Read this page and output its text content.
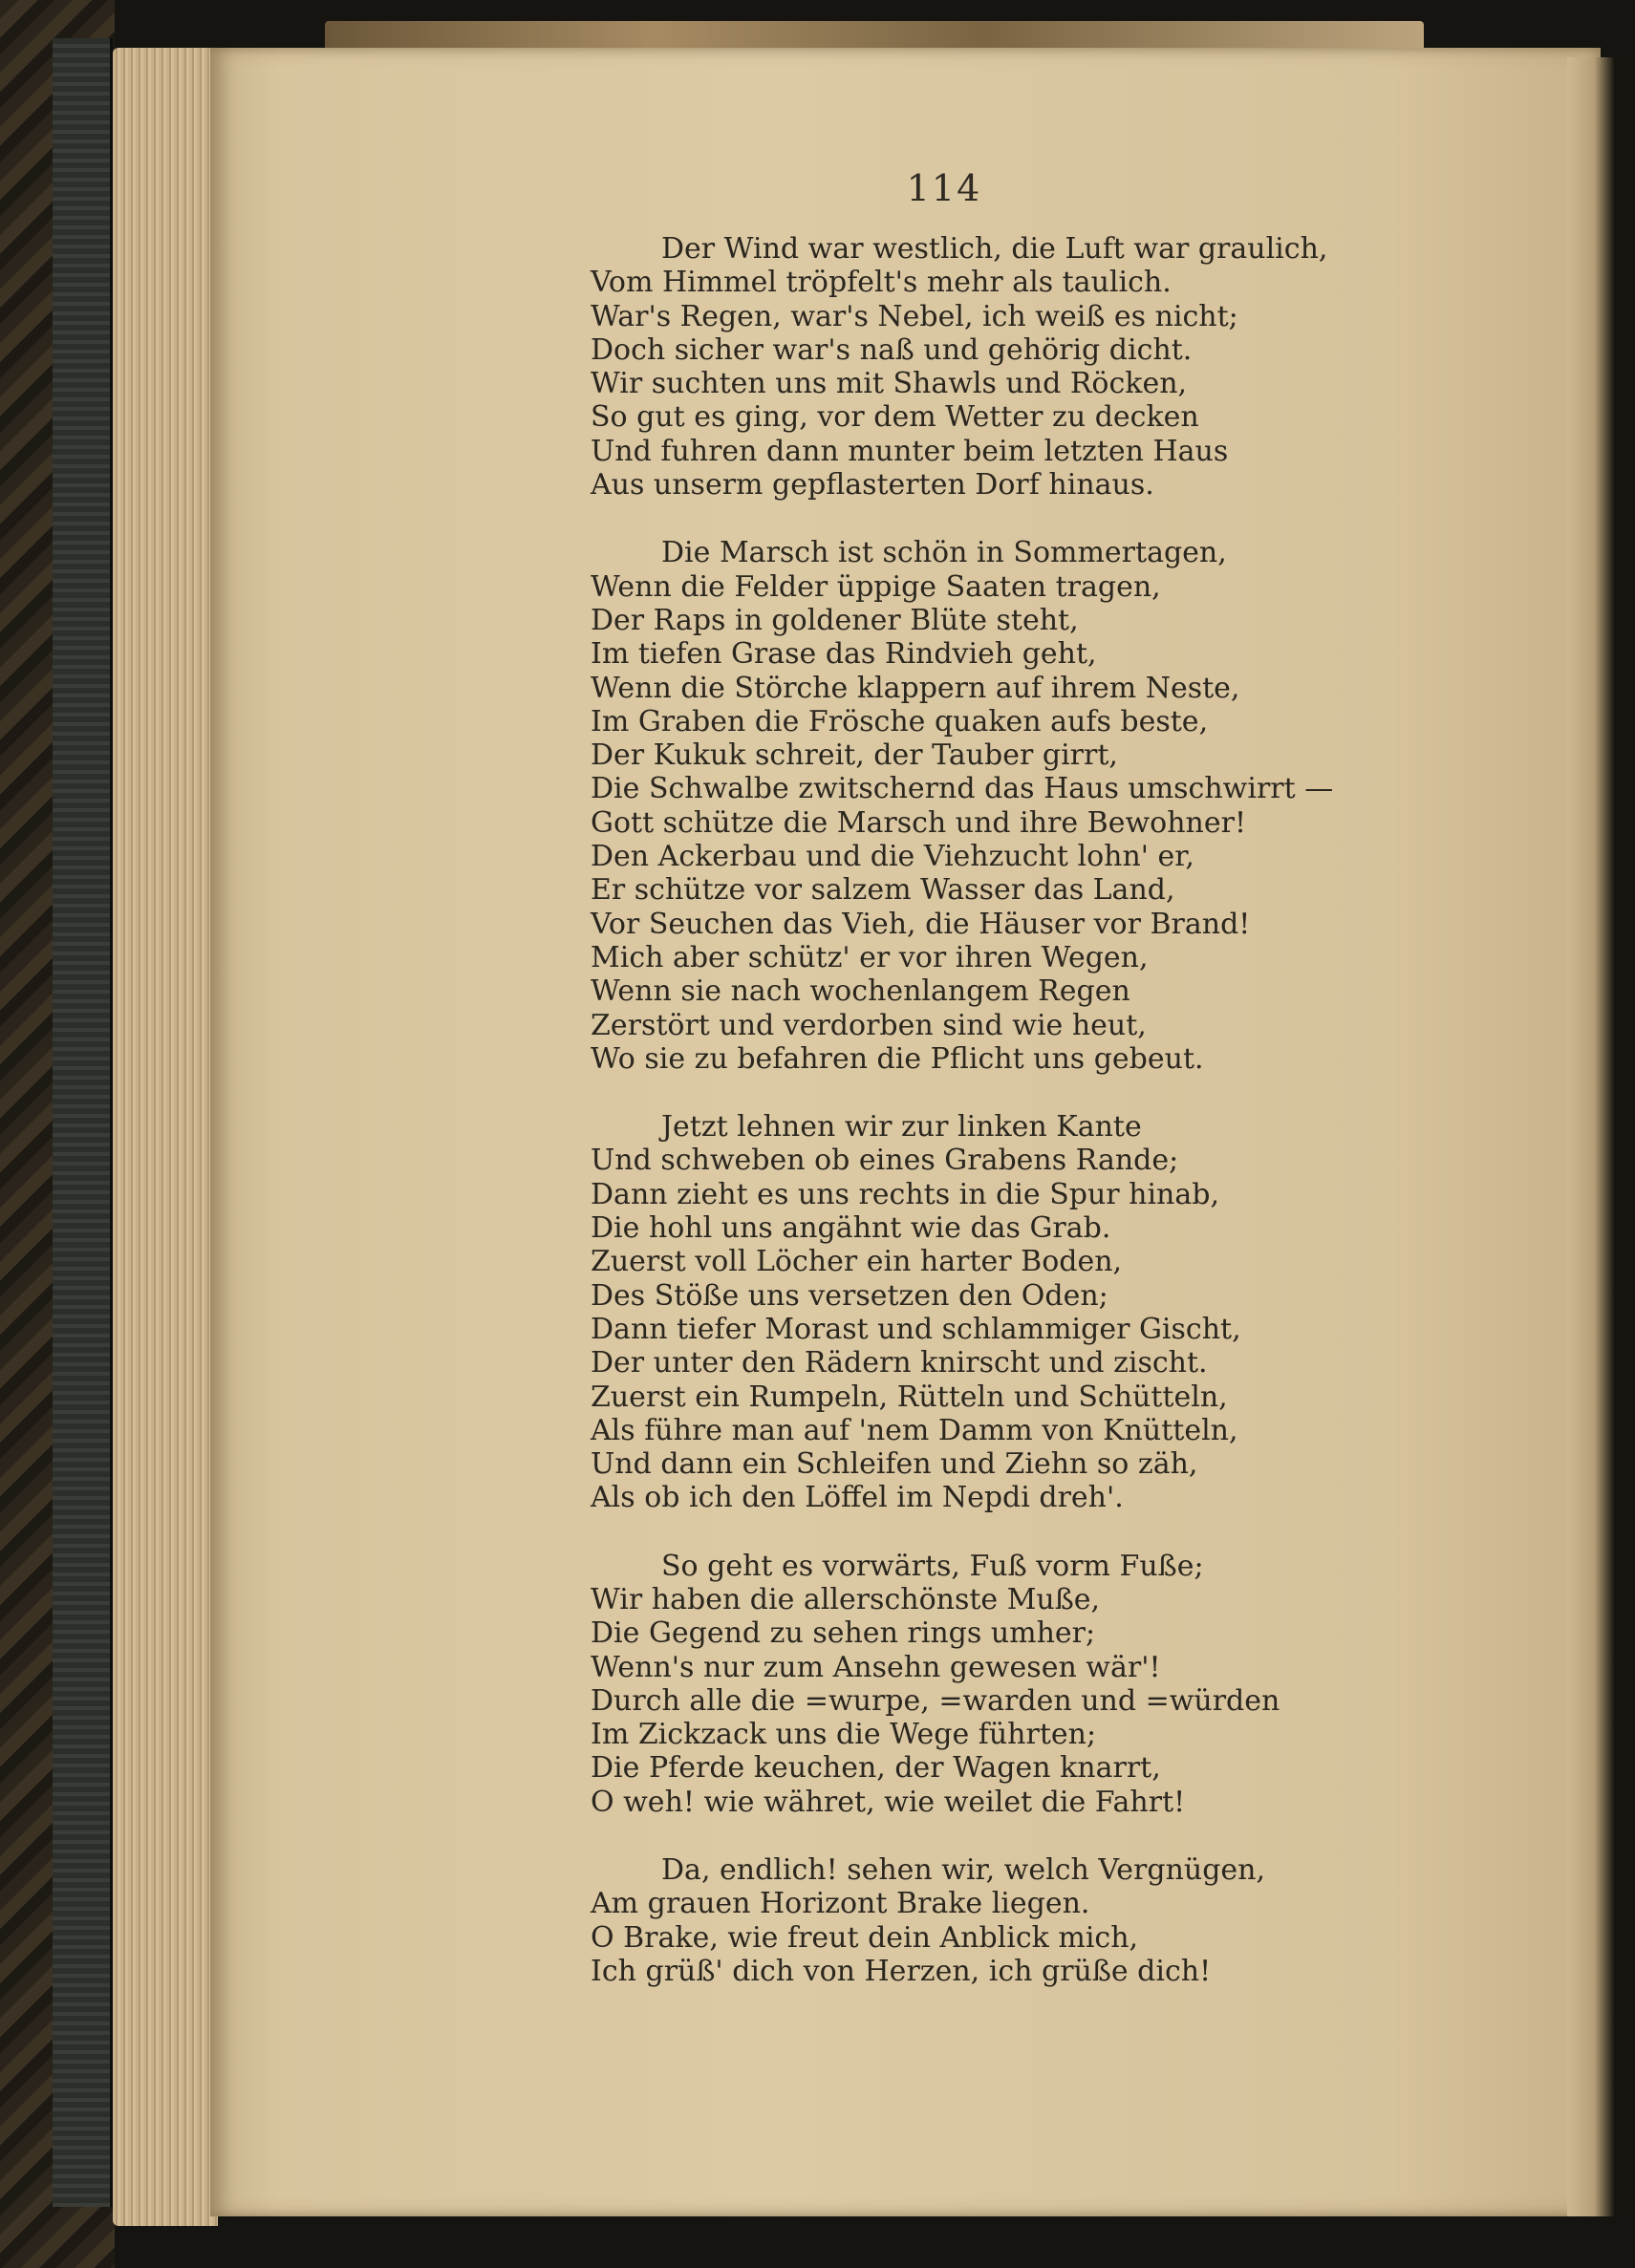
114
Der Wind war westlich, die Luft war graulich,
Vom Himmel tröpfelt's mehr als taulich.
War's Regen, war's Nebel, ich weiß es nicht;
Doch sicher war's naß und gehörig dicht.
Wir suchten uns mit Shawls und Röcken,
So gut es ging, vor dem Wetter zu decken
Und fuhren dann munter beim letzten Haus
Aus unserm gepflasterten Dorf hinaus.
Die Marsch ist schön in Sommertagen,
Wenn die Felder üppige Saaten tragen,
Der Raps in goldener Blüte steht,
Im tiefen Grase das Rindvieh geht,
Wenn die Störche klappern auf ihrem Neste,
Im Graben die Frösche quaken aufs beste,
Der Kukuk schreit, der Tauber girrt,
Die Schwalbe zwitschernd das Haus umschwirrt —
Gott schütze die Marsch und ihre Bewohner!
Den Ackerbau und die Viehzucht lohn' er,
Er schütze vor salzem Wasser das Land,
Vor Seuchen das Vieh, die Häuser vor Brand!
Mich aber schütz' er vor ihren Wegen,
Wenn sie nach wochenlangem Regen
Zerstört und verdorben sind wie heut,
Wo sie zu befahren die Pflicht uns gebeut.
Jetzt lehnen wir zur linken Kante
Und schweben ob eines Grabens Rande;
Dann zieht es uns rechts in die Spur hinab,
Die hohl uns angähnt wie das Grab.
Zuerst voll Löcher ein harter Boden,
Des Stöße uns versetzen den Oden;
Dann tiefer Morast und schlammiger Gischt,
Der unter den Rädern knirscht und zischt.
Zuerst ein Rumpeln, Rütteln und Schütteln,
Als führe man auf 'nem Damm von Knütteln,
Und dann ein Schleifen und Ziehn so zäh,
Als ob ich den Löffel im Nepdi dreh'.
So geht es vorwärts, Fuß vorm Fuße;
Wir haben die allerschönste Muße,
Die Gegend zu sehen rings umher;
Wenn's nur zum Ansehn gewesen wär'!
Durch alle die =wurpe, =warden und =würden
Im Zickzack uns die Wege führten;
Die Pferde keuchen, der Wagen knarrt,
O weh! wie währet, wie weilet die Fahrt!
Da, endlich! sehen wir, welch Vergnügen,
Am grauen Horizont Brake liegen.
O Brake, wie freut dein Anblick mich,
Ich grüß' dich von Herzen, ich grüße dich!
